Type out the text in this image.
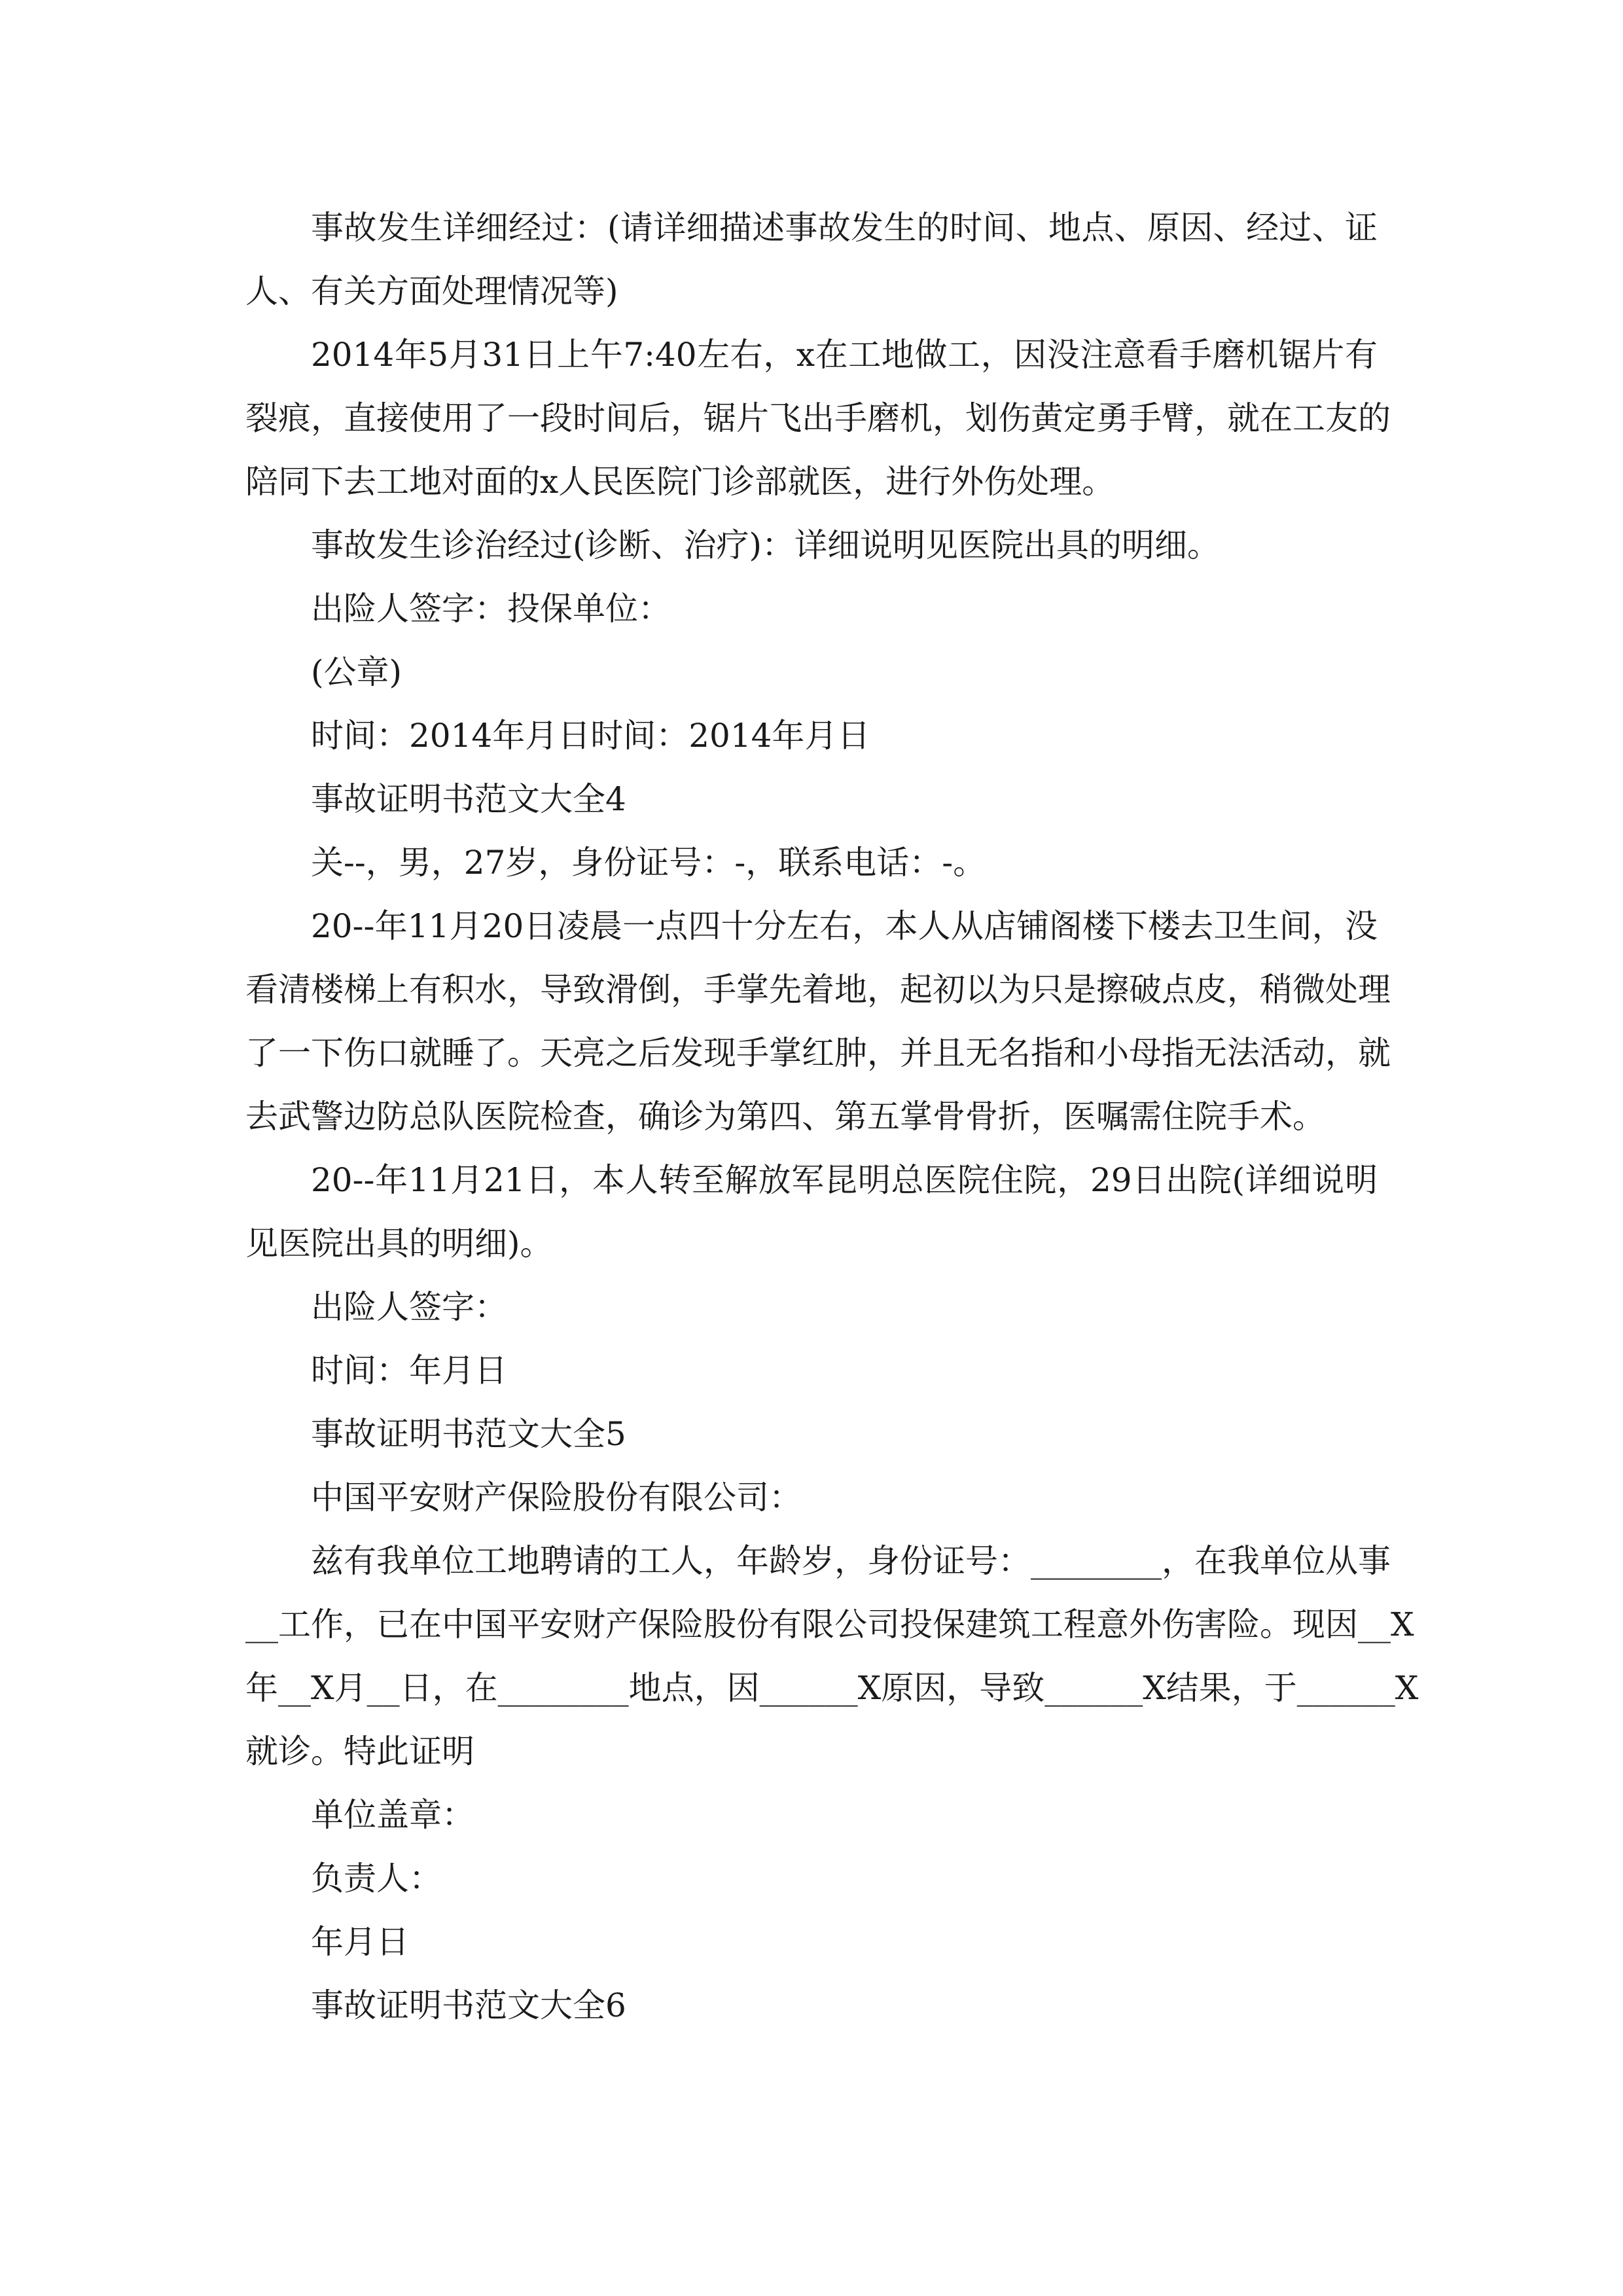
事故发生详细经过：(请详细描述事故发生的时间、地点、原因、经过、证
人、有关方面处理情况等)
2014年5月31日上午7:40左右，x在工地做工，因没注意看手磨机锯片有
裂痕，直接使用了一段时间后，锯片飞出手磨机，划伤黄定勇手臂，就在工友的
陪同下去工地对面的x人民医院门诊部就医，进行外伤处理。
事故发生诊治经过(诊断、治疗)：详细说明见医院出具的明细。
出险人签字：投保单位：
(公章)
时间：2014年月日时间：2014年月日
事故证明书范文大全4
关--，男，27岁，身份证号：-，联系电话：-。
20--年11月20日凌晨一点四十分左右，本人从店铺阁楼下楼去卫生间，没
看清楼梯上有积水，导致滑倒，手掌先着地，起初以为只是擦破点皮，稍微处理
了一下伤口就睡了。天亮之后发现手掌红肿，并且无名指和小母指无法活动，就
去武警边防总队医院检查，确诊为第四、第五掌骨骨折，医嘱需住院手术。
20--年11月21日，本人转至解放军昆明总医院住院，29日出院(详细说明
见医院出具的明细)。
出险人签字：
时间：年月日
事故证明书范文大全5
中国平安财产保险股份有限公司：
兹有我单位工地聘请的工人，年龄岁，身份证号：________，在我单位从事
__工作，已在中国平安财产保险股份有限公司投保建筑工程意外伤害险。现因__X
年__X月__日，在________地点，因______X原因，导致______X结果，于______X
就诊。特此证明
单位盖章：
负责人：
年月日
事故证明书范文大全6
